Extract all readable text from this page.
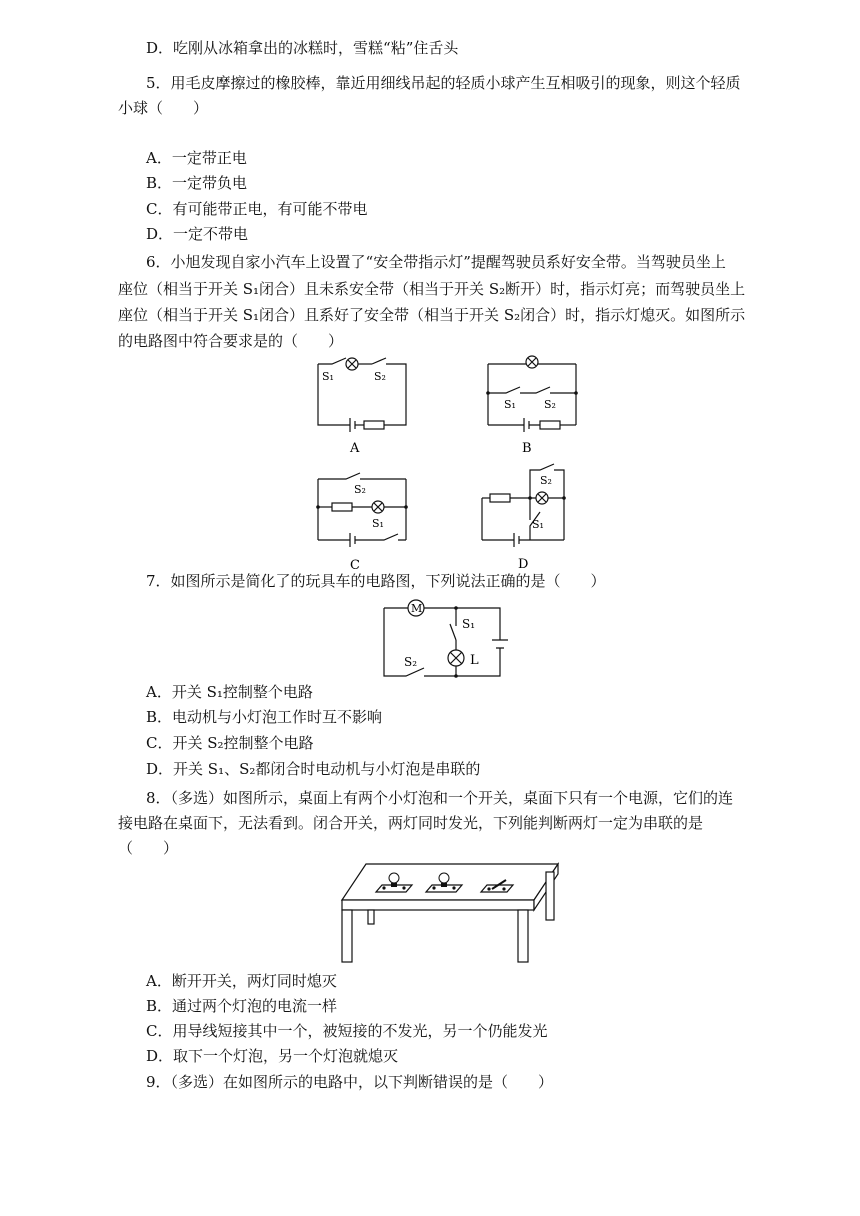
D．吃刚从冰箱拿出的冰糕时，雪糕“粘”住舌头
5．用毛皮摩擦过的橡胶棒，靠近用细线吊起的轻质小球产生互相吸引的现象，则这个轻质
小球（　　）
A．一定带正电
B．一定带负电
C．有可能带正电，有可能不带电
D．一定不带电
6．小旭发现自家小汽车上设置了“安全带指示灯”提醒驾驶员系好安全带。当驾驶员坐上
座位（相当于开关 S₁闭合）且未系安全带（相当于开关 S₂断开）时，指示灯亮；而驾驶员坐上
座位（相当于开关 S₁闭合）且系好了安全带（相当于开关 S₂闭合）时，指示灯熄灭。如图所示
的电路图中符合要求是的（　　）
S₁	S₂
A
S₁	S₂
B
S₂
S₁
C
S₂
S₁
D
7．如图所示是简化了的玩具车的电路图，下列说法正确的是（　　）
M
S₁
L
S₂
A．开关 S₁控制整个电路
B．电动机与小灯泡工作时互不影响
C．开关 S₂控制整个电路
D．开关 S₁、S₂都闭合时电动机与小灯泡是串联的
8．（多选）如图所示，桌面上有两个小灯泡和一个开关，桌面下只有一个电源，它们的连
接电路在桌面下，无法看到。闭合开关，两灯同时发光，下列能判断两灯一定为串联的是
（　　）
A．断开开关，两灯同时熄灭
B．通过两个灯泡的电流一样
C．用导线短接其中一个，被短接的不发光，另一个仍能发光
D．取下一个灯泡，另一个灯泡就熄灭
9．（多选）在如图所示的电路中，以下判断错误的是（　　）
